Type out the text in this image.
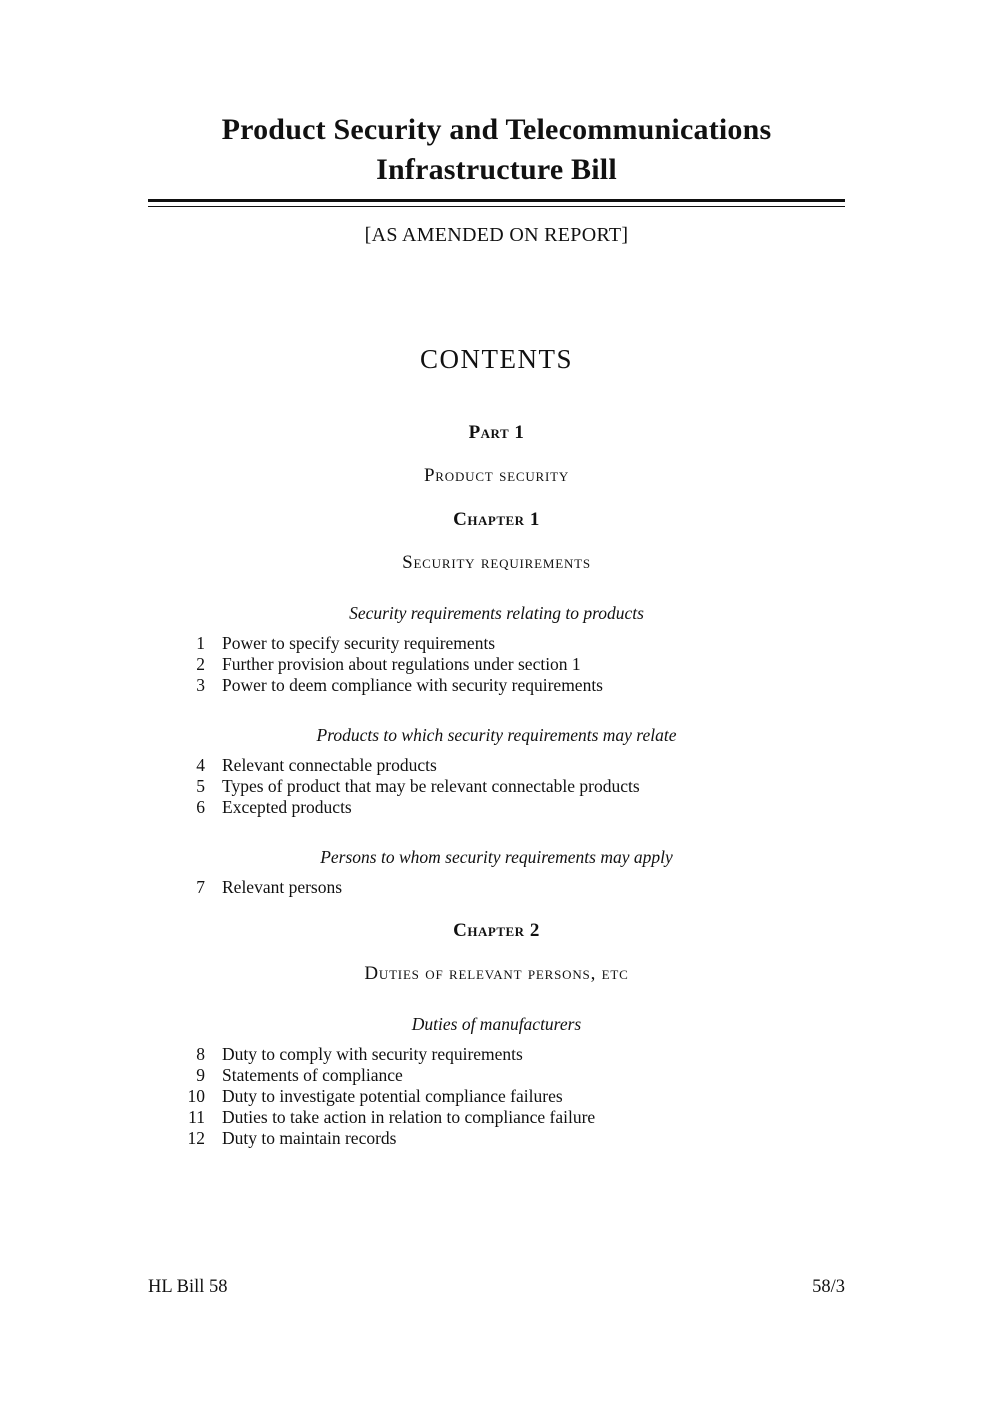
Product Security and Telecommunications
Infrastructure Bill
[AS AMENDED ON REPORT]
CONTENTS
Part 1
Product security
Chapter 1
Security requirements
Security requirements relating to products
1 Power to specify security requirements
2 Further provision about regulations under section 1
3 Power to deem compliance with security requirements
Products to which security requirements may relate
4 Relevant connectable products
5 Types of product that may be relevant connectable products
6 Excepted products
Persons to whom security requirements may apply
7 Relevant persons
Chapter 2
Duties of relevant persons, etc
Duties of manufacturers
8 Duty to comply with security requirements
9 Statements of compliance
10 Duty to investigate potential compliance failures
11 Duties to take action in relation to compliance failure
12 Duty to maintain records
HL Bill 58	58/3
